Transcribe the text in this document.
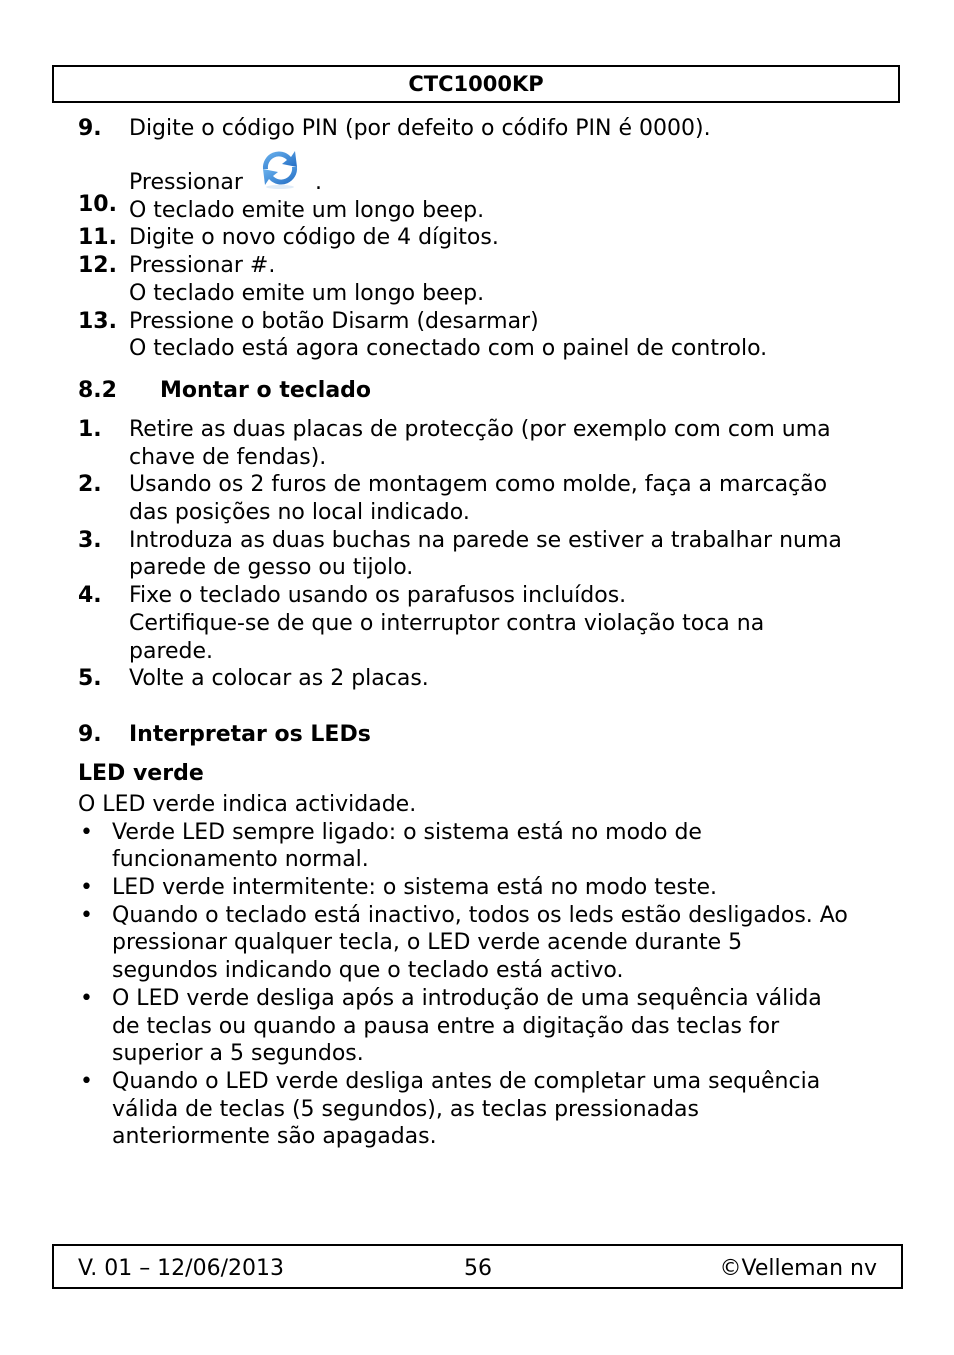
CTC1000KP
9.	Digite o código PIN (por defeito o códifo PIN é 0000).

10.

Pressionar	.

O teclado emite um longo beep.

11. Digite o novo código de 4 dígitos.

12. Pressionar #.

O teclado emite um longo beep.

13. Pressione o botão Disarm (desarmar)

O teclado está agora conectado com o painel de controlo.

8.2	Montar o teclado
1.	Retire as duas placas de protecção (por exemplo com com uma

chave de fendas).

2.	Usando os 2 furos de montagem como molde, faça a marcação

das posições no local indicado.

3.	Introduza as duas buchas na parede se estiver a trabalhar numa

parede de gesso ou tijolo.

4.	Fixe o teclado usando os parafusos incluídos.

Certifique-se de que o interruptor contra violação toca na

parede.

5.	Volte a colocar as 2 placas.

9.	Interpretar os LEDs

LED verde

O LED verde indica actividade.

• Verde LED sempre ligado: o sistema está no modo de

funcionamento normal.

• LED verde intermitente: o sistema está no modo teste.

• Quando o teclado está inactivo, todos os leds estão desligados. Ao

pressionar qualquer tecla, o LED verde acende durante 5

segundos indicando que o teclado está activo.

• O LED verde desliga após a introdução de uma sequência válida

de teclas ou quando a pausa entre a digitação das teclas for

superior a 5 segundos.

• Quando o LED verde desliga antes de completar uma sequência

válida de teclas (5 segundos), as teclas pressionadas

anteriormente são apagadas.

V. 01 – 12/06/2013	56	©Velleman nv
